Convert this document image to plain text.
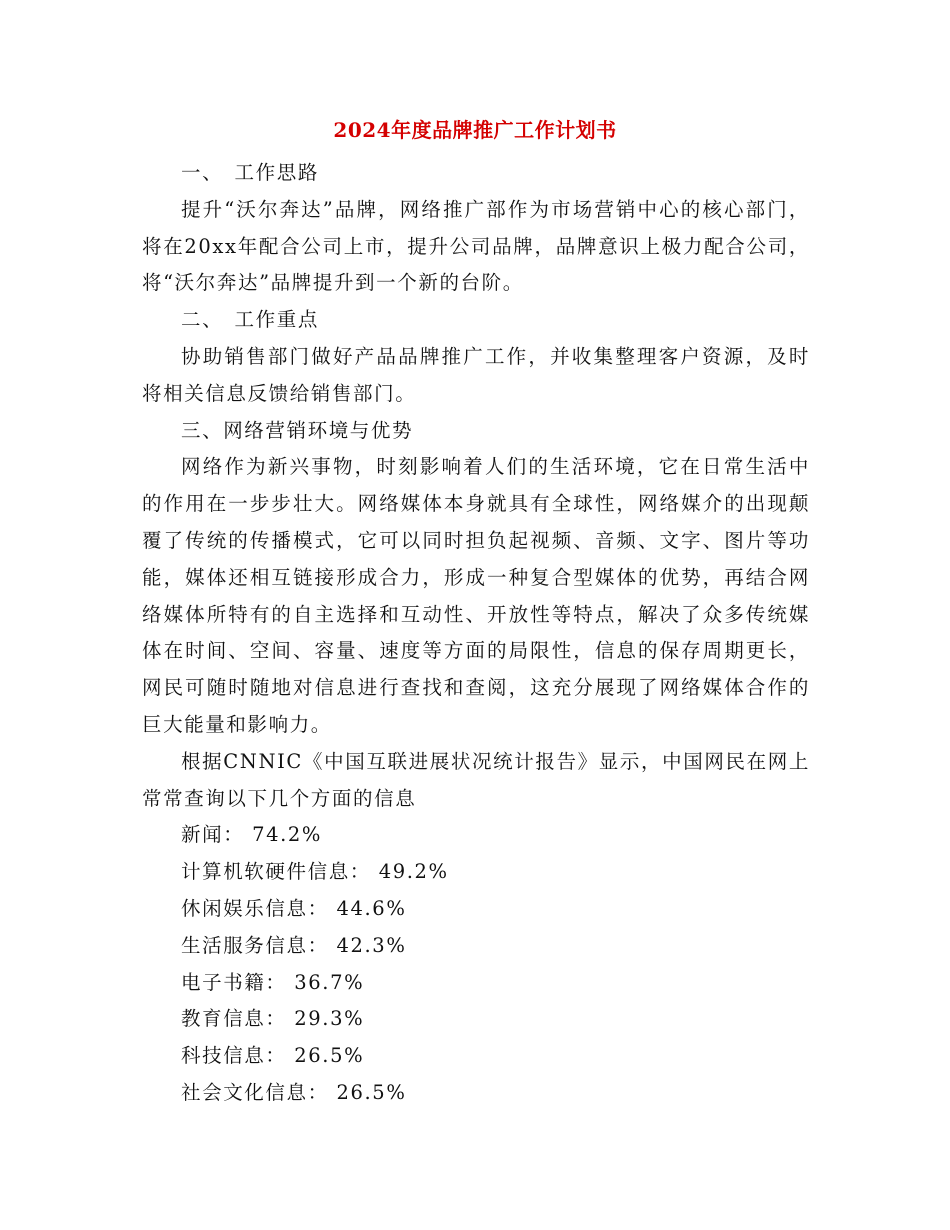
2024年度品牌推广工作计划书

一、　工作思路

提升“沃尔奔达”品牌，网络推广部作为市场营销中心的核心部门，将在20xx年配合公司上市，提升公司品牌，品牌意识上极力配合公司，将“沃尔奔达”品牌提升到一个新的台阶。

二、　工作重点

协助销售部门做好产品品牌推广工作，并收集整理客户资源，及时将相关信息反馈给销售部门。

三、网络营销环境与优势

网络作为新兴事物，时刻影响着人们的生活环境，它在日常生活中的作用在一步步壮大。网络媒体本身就具有全球性，网络媒介的出现颠覆了传统的传播模式，它可以同时担负起视频、音频、文字、图片等功能，媒体还相互链接形成合力，形成一种复合型媒体的优势，再结合网络媒体所特有的自主选择和互动性、开放性等特点，解决了众多传统媒体在时间、空间、容量、速度等方面的局限性，信息的保存周期更长，网民可随时随地对信息进行查找和查阅，这充分展现了网络媒体合作的巨大能量和影响力。

根据CNNIC《中国互联进展状况统计报告》显示，中国网民在网上常常查询以下几个方面的信息

新闻： 74.2%

计算机软硬件信息： 49.2%

休闲娱乐信息： 44.6%

生活服务信息： 42.3%

电子书籍： 36.7%

教育信息： 29.3%

科技信息： 26.5%

社会文化信息： 26.5%
